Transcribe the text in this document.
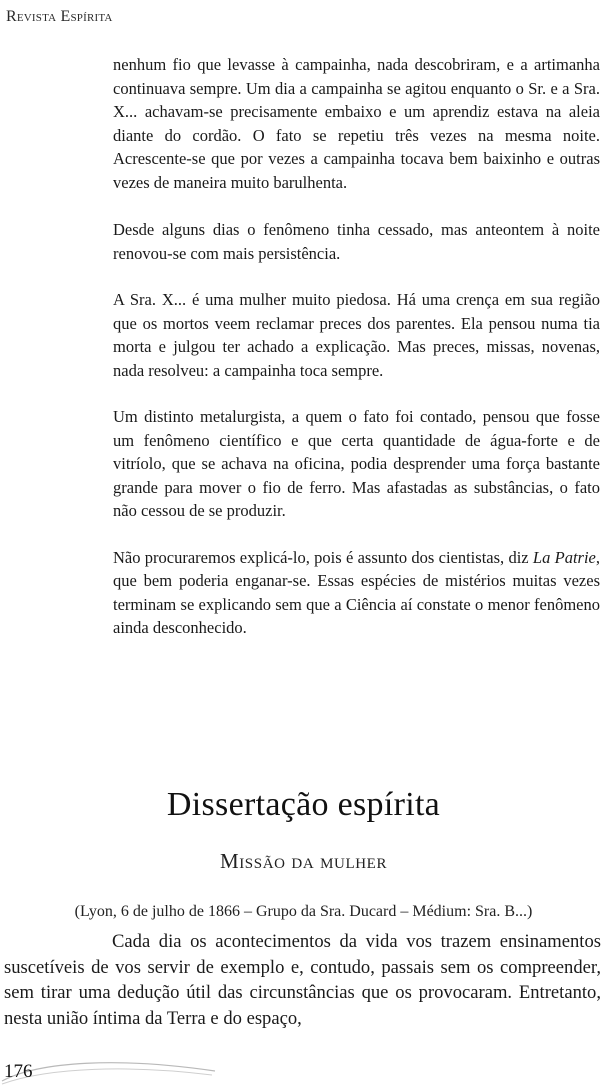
Revista Espírita

nenhum fio que levasse à campainha, nada descobriram, e a artimanha continuava sempre. Um dia a campainha se agitou enquanto o Sr. e a Sra. X... achavam-se precisamente embaixo e um aprendiz estava na aleia diante do cordão. O fato se repetiu três vezes na mesma noite. Acrescente-se que por vezes a campainha tocava bem baixinho e outras vezes de maneira muito barulhenta.

Desde alguns dias o fenômeno tinha cessado, mas anteontem à noite renovou-se com mais persistência.

A Sra. X... é uma mulher muito piedosa. Há uma crença em sua região que os mortos veem reclamar preces dos parentes. Ela pensou numa tia morta e julgou ter achado a explicação. Mas preces, missas, novenas, nada resolveu: a campainha toca sempre.

Um distinto metalurgista, a quem o fato foi contado, pensou que fosse um fenômeno científico e que certa quantidade de água-forte e de vitríolo, que se achava na oficina, podia desprender uma força bastante grande para mover o fio de ferro. Mas afastadas as substâncias, o fato não cessou de se produzir.

Não procuraremos explicá-lo, pois é assunto dos cientistas, diz La Patrie, que bem poderia enganar-se. Essas espécies de mistérios muitas vezes terminam se explicando sem que a Ciência aí constate o menor fenômeno ainda desconhecido.

Dissertação espírita
Missão da mulher
(Lyon, 6 de julho de 1866 – Grupo da Sra. Ducard – Médium: Sra. B...)

Cada dia os acontecimentos da vida vos trazem ensinamentos suscetíveis de vos servir de exemplo e, contudo, passais sem os compreender, sem tirar uma dedução útil das circunstâncias que os provocaram. Entretanto, nesta união íntima da Terra e do espaço,

176
